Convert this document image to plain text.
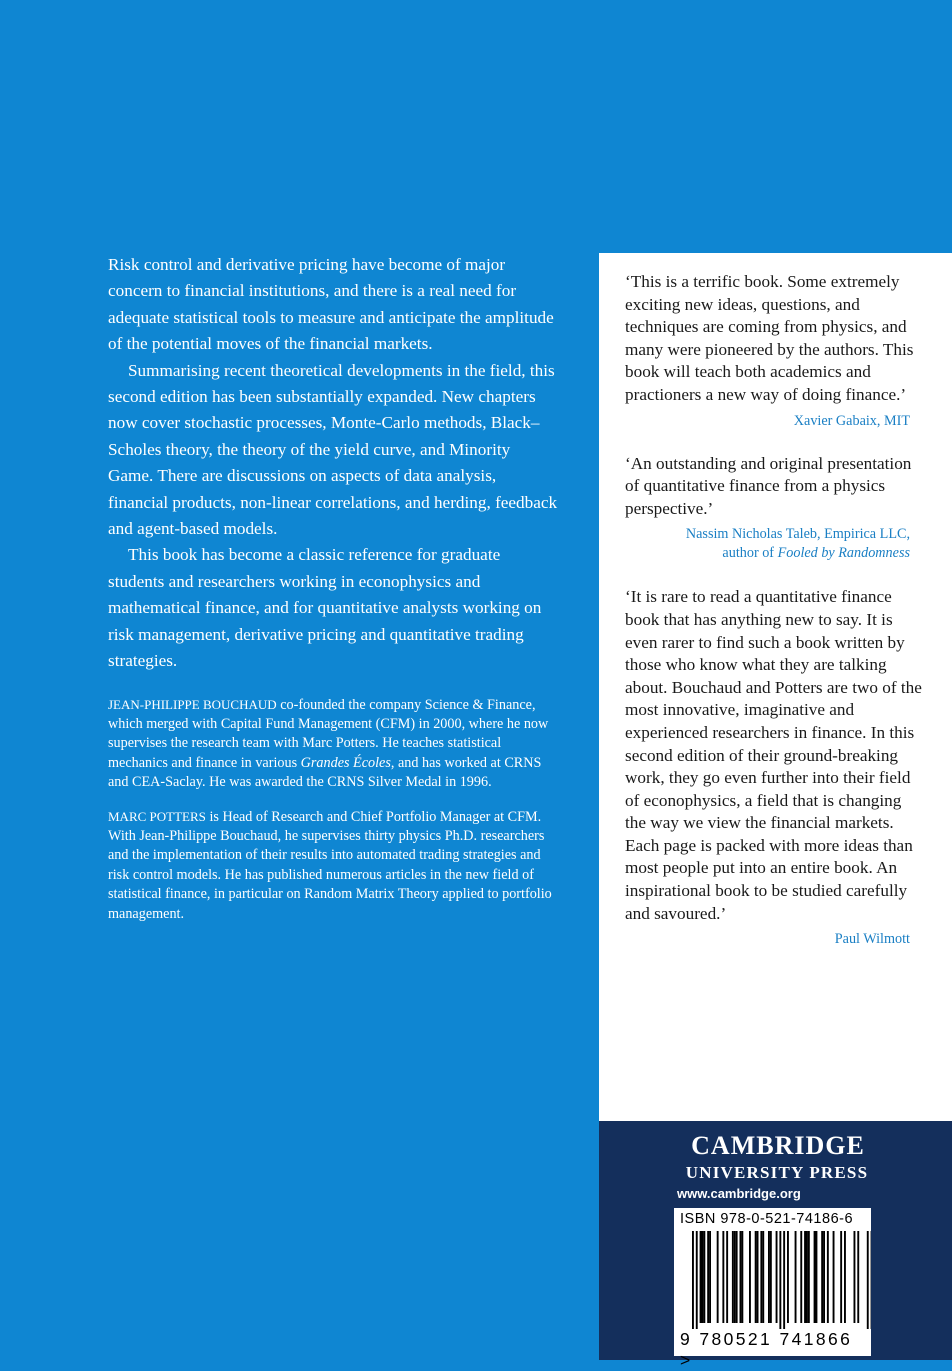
Risk control and derivative pricing have become of major concern to financial institutions, and there is a real need for adequate statistical tools to measure and anticipate the amplitude of the potential moves of the financial markets.

Summarising recent theoretical developments in the field, this second edition has been substantially expanded. New chapters now cover stochastic processes, Monte-Carlo methods, Black–Scholes theory, the theory of the yield curve, and Minority Game. There are discussions on aspects of data analysis, financial products, non-linear correlations, and herding, feedback and agent-based models.

This book has become a classic reference for graduate students and researchers working in econophysics and mathematical finance, and for quantitative analysts working on risk management, derivative pricing and quantitative trading strategies.

JEAN-PHILIPPE BOUCHAUD co-founded the company Science & Finance, which merged with Capital Fund Management (CFM) in 2000, where he now supervises the research team with Marc Potters. He teaches statistical mechanics and finance in various Grandes Écoles, and has worked at CRNS and CEA-Saclay. He was awarded the CRNS Silver Medal in 1996.

MARC POTTERS is Head of Research and Chief Portfolio Manager at CFM. With Jean-Philippe Bouchaud, he supervises thirty physics Ph.D. researchers and the implementation of their results into automated trading strategies and risk control models. He has published numerous articles in the new field of statistical finance, in particular on Random Matrix Theory applied to portfolio management.

‘This is a terrific book. Some extremely exciting new ideas, questions, and techniques are coming from physics, and many were pioneered by the authors. This book will teach both academics and practioners a new way of doing finance.’

Xavier Gabaix, MIT

‘An outstanding and original presentation of quantitative finance from a physics perspective.’

Nassim Nicholas Taleb, Empirica LLC,
author of Fooled by Randomness

‘It is rare to read a quantitative finance book that has anything new to say. It is even rarer to find such a book written by those who know what they are talking about. Bouchaud and Potters are two of the most innovative, imaginative and experienced researchers in finance. In this second edition of their ground-breaking work, they go even further into their field of econophysics, a field that is changing the way we view the financial markets. Each page is packed with more ideas than most people put into an entire book. An inspirational book to be studied carefully and savoured.’

Paul Wilmott
CAMBRIDGE
UNIVERSITY PRESS
www.cambridge.org
ISBN 978-0-521-74186-6
9 780521 741866 >
